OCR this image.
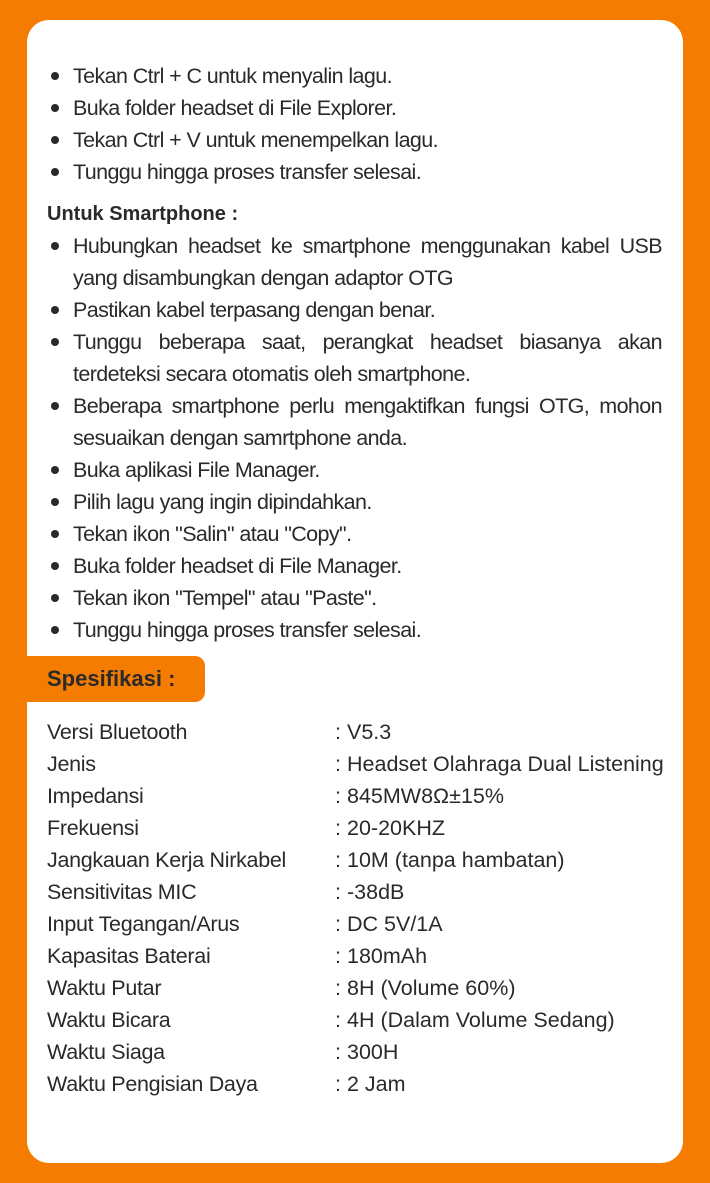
Tekan Ctrl + C untuk menyalin lagu.
Buka folder headset di File Explorer.
Tekan Ctrl + V untuk menempelkan lagu.
Tunggu hingga proses transfer selesai.
Untuk Smartphone :
Hubungkan headset ke smartphone menggunakan kabel USB yang disambungkan dengan adaptor OTG
Pastikan kabel terpasang dengan benar.
Tunggu beberapa saat, perangkat headset biasanya akan terdeteksi secara otomatis oleh smartphone.
Beberapa smartphone perlu mengaktifkan fungsi OTG, mohon sesuaikan dengan samrtphone anda.
Buka aplikasi File Manager.
Pilih lagu yang ingin dipindahkan.
Tekan ikon "Salin" atau "Copy".
Buka folder headset di File Manager.
Tekan ikon "Tempel" atau "Paste".
Tunggu hingga proses transfer selesai.
Spesifikasi :
Versi Bluetooth	: V5.3
Jenis	: Headset Olahraga Dual Listening
Impedansi	: 845MW8Ω±15%
Frekuensi	: 20-20KHZ
Jangkauan Kerja Nirkabel	: 10M (tanpa hambatan)
Sensitivitas MIC	: -38dB
Input Tegangan/Arus	: DC 5V/1A
Kapasitas Baterai	: 180mAh
Waktu Putar	: 8H (Volume 60%)
Waktu Bicara	: 4H (Dalam Volume Sedang)
Waktu Siaga	: 300H
Waktu Pengisian Daya	: 2 Jam
